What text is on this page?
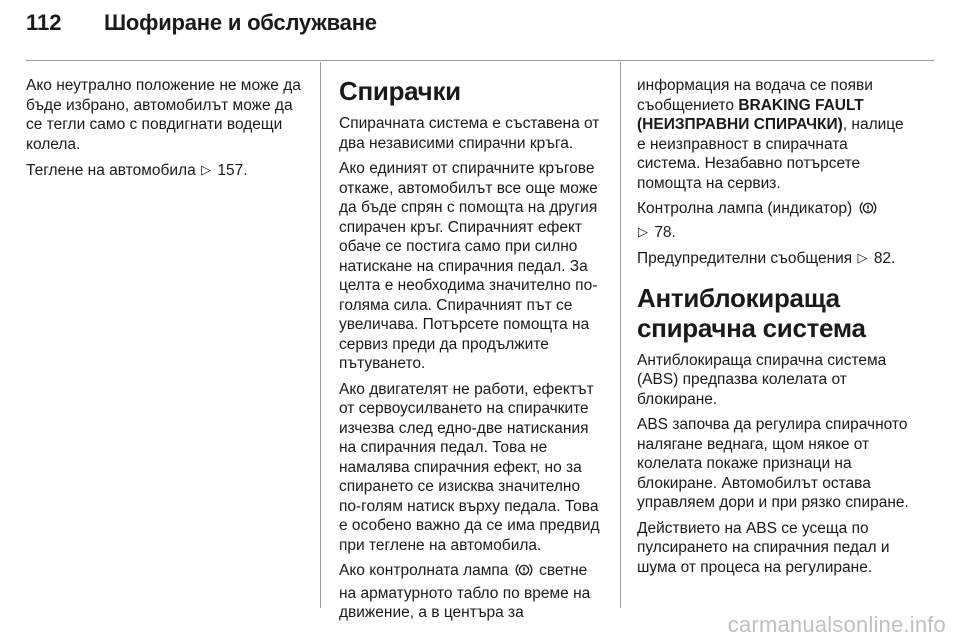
112	Шофиране и обслужване

Ако неутрално положение не може да бъде избрано, автомобилът може да се тегли само с повдигнати водещи колела.

Теглене на автомобила ▷ 157.

Спирачки

Спирачната система е съставена от два независими спирачни кръга.

Ако единият от спирачните кръгове откаже, автомобилът все още може да бъде спрян с помощта на другия спирачен кръг. Спирачният ефект обаче се постига само при силно натискане на спирачния педал. За целта е необходима значително по-голяма сила. Спирачният път се увеличава. Потърсете помощта на сервиз преди да продължите пътуването.

Ако двигателят не работи, ефектът от сервоусилването на спирачките изчезва след едно-две натискания на спирачния педал. Това не намалява спирачния ефект, но за спирането се изисква значително по-голям натиск върху педала. Това е особено важно да се има предвид при теглене на автомобила.

Ако контролната лампа светне на арматурното табло по време на движение, а в центъра за

информация на водача се появи съобщението BRAKING FAULT (НЕИЗПРАВНИ СПИРАЧКИ), налице е неизправност в спирачната система. Незабавно потърсете помощта на сервиз.

Контролна лампа (индикатор)
▷ 78.

Предупредителни съобщения ▷ 82.

Антиблокираща спирачна система

Антиблокираща спирачна система (ABS) предпазва колелата от блокиране.

ABS започва да регулира спирачното налягане веднага, щом някое от колелата покаже признаци на блокиране. Автомобилът остава управляем дори и при рязко спиране.

Действието на ABS се усеща по пулсирането на спирачния педал и шума от процеса на регулиране.

carmanualsonline.info
